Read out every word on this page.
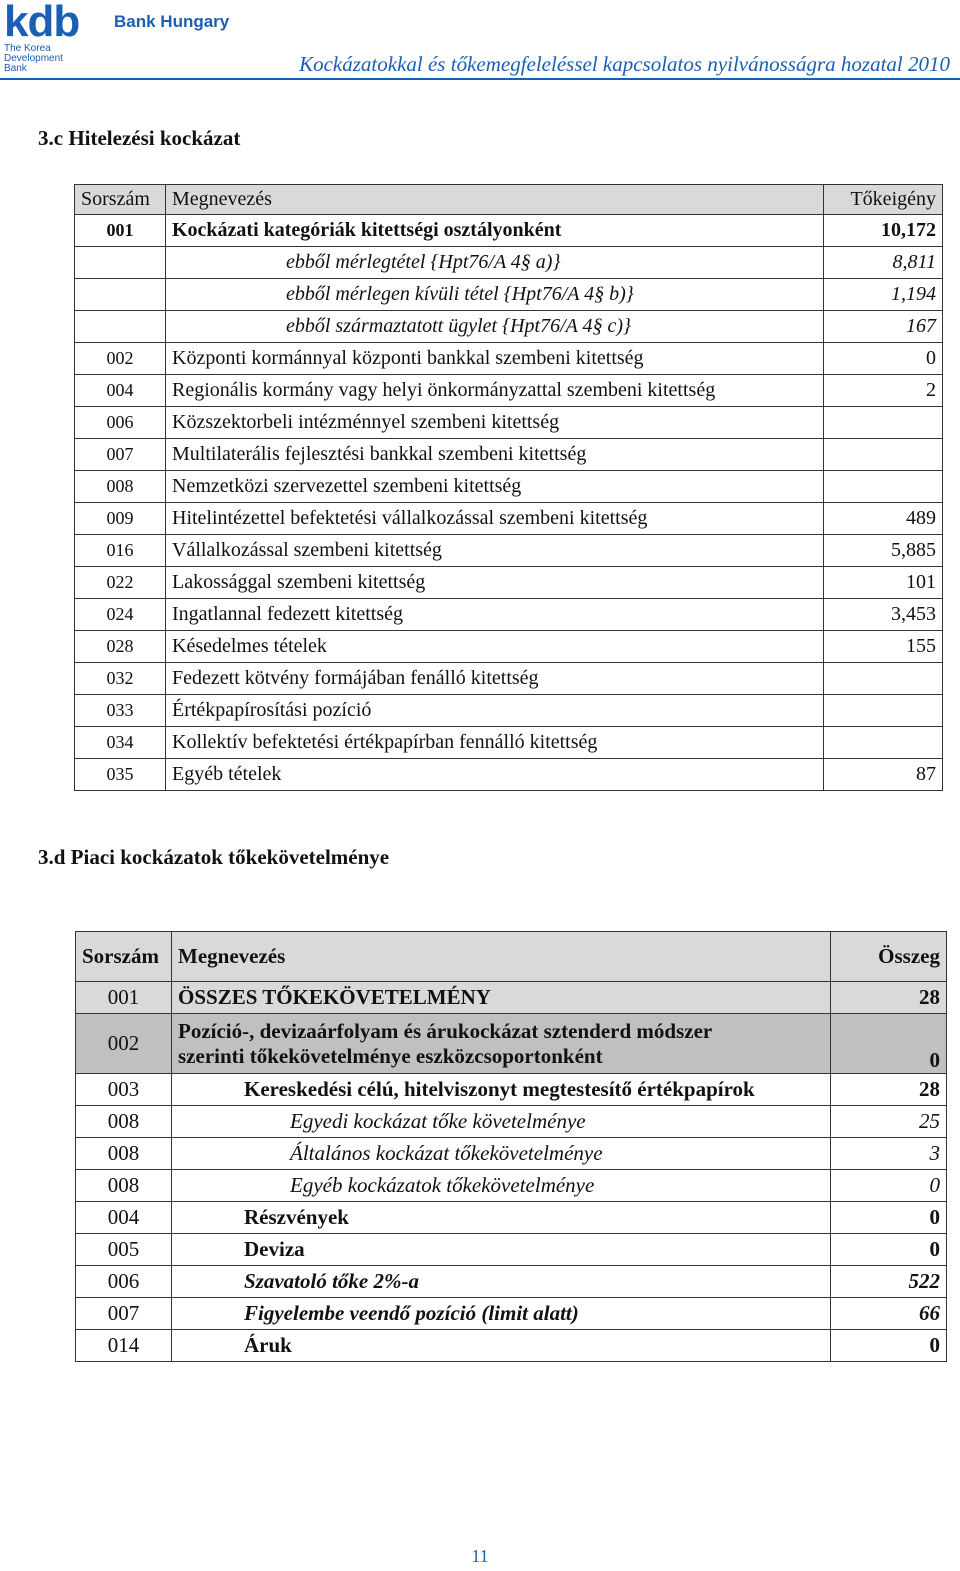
kdb
The Korea
Development
Bank
Bank Hungary
Kockázatokkal és tőkemegfeleléssel kapcsolatos nyilvánosságra hozatal 2010
3.c Hitelezési kockázat
Sorszám	Megnevezés	Tőkeigény
001	Kockázati kategóriák kitettségi osztályonként	10,172
	ebből mérlegtétel {Hpt76/A 4§ a)}	8,811
	ebből mérlegen kívüli tétel {Hpt76/A 4§ b)}	1,194
	ebből származtatott ügylet {Hpt76/A 4§ c)}	167
002	Központi kormánnyal központi bankkal szembeni kitettség	0
004	Regionális kormány vagy helyi önkormányzattal szembeni kitettség	2
006	Közszektorbeli intézménnyel szembeni kitettség	
007	Multilaterális fejlesztési bankkal szembeni kitettség	
008	Nemzetközi szervezettel szembeni kitettség	
009	Hitelintézettel befektetési vállalkozással szembeni kitettség	489
016	Vállalkozással szembeni kitettség	5,885
022	Lakossággal szembeni kitettség	101
024	Ingatlannal fedezett kitettség	3,453
028	Késedelmes tételek	155
032	Fedezett kötvény formájában fenálló kitettség	
033	Értékpapírosítási pozíció	
034	Kollektív befektetési értékpapírban fennálló kitettség	
035	Egyéb tételek	87
3.d Piaci kockázatok tőkekövetelménye
Sorszám	Megnevezés	Összeg
001	ÖSSZES TŐKEKÖVETELMÉNY	28
002	Pozíció-, devizaárfolyam és árukockázat sztenderd módszer
szerinti tőkekövetelménye eszközcsoportonként	0
003	Kereskedési célú, hitelviszonyt megtestesítő értékpapírok	28
008	Egyedi kockázat tőke követelménye	25
008	Általános kockázat tőkekövetelménye	3
008	Egyéb kockázatok tőkekövetelménye	0
004	Részvények	0
005	Deviza	0
006	Szavatoló tőke 2%-a	522
007	Figyelembe veendő pozíció (limit alatt)	66
014	Áruk	0
11
